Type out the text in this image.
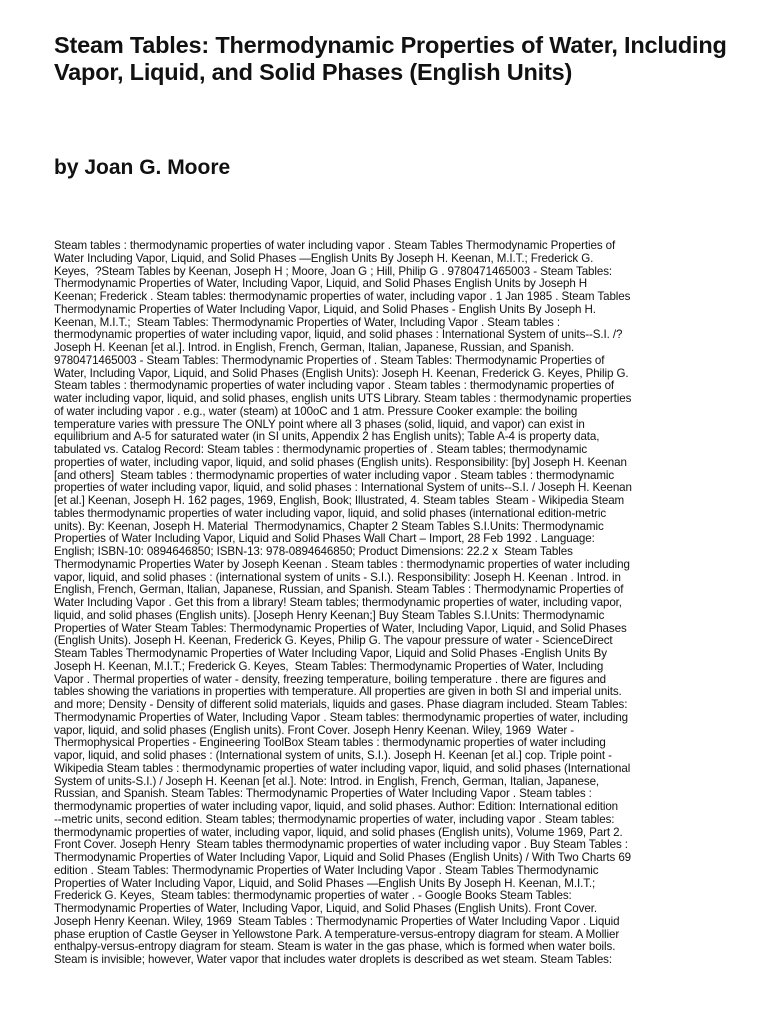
Steam Tables: Thermodynamic Properties of Water, Including Vapor, Liquid, and Solid Phases (English Units)
by Joan G. Moore

Steam tables : thermodynamic properties of water including vapor . Steam Tables Thermodynamic Properties of
Water Including Vapor, Liquid, and Solid Phases —English Units By Joseph H. Keenan, M.I.T.; Frederick G.
Keyes,  ?Steam Tables by Keenan, Joseph H ; Moore, Joan G ; Hill, Philip G . 9780471465003 - Steam Tables:
Thermodynamic Properties of Water, Including Vapor, Liquid, and Solid Phases English Units by Joseph H
Keenan; Frederick . Steam tables: thermodynamic properties of water, including vapor . 1 Jan 1985 . Steam Tables
Thermodynamic Properties of Water Including Vapor, Liquid, and Solid Phases - English Units By Joseph H.
Keenan, M.I.T.;  Steam Tables: Thermodynamic Properties of Water, Including Vapor . Steam tables :
thermodynamic properties of water including vapor, liquid, and solid phases : International System of units--S.I. /?
Joseph H. Keenan [et al.]. Introd. in English, French, German, Italian, Japanese, Russian, and Spanish.
9780471465003 - Steam Tables: Thermodynamic Properties of . Steam Tables: Thermodynamic Properties of
Water, Including Vapor, Liquid, and Solid Phases (English Units): Joseph H. Keenan, Frederick G. Keyes, Philip G.
Steam tables : thermodynamic properties of water including vapor . Steam tables : thermodynamic properties of
water including vapor, liquid, and solid phases, english units UTS Library. Steam tables : thermodynamic properties
of water including vapor . e.g., water (steam) at 100oC and 1 atm. Pressure Cooker example: the boiling
temperature varies with pressure The ONLY point where all 3 phases (solid, liquid, and vapor) can exist in
equilibrium and A-5 for saturated water (in SI units, Appendix 2 has English units); Table A-4 is property data,
tabulated vs. Catalog Record: Steam tables : thermodynamic properties of . Steam tables; thermodynamic
properties of water, including vapor, liquid, and solid phases (English units). Responsibility: [by] Joseph H. Keenan
[and others]  Steam tables : thermodynamic properties of water including vapor . Steam tables : thermodynamic
properties of water including vapor, liquid, and solid phases : International System of units--S.I. / Joseph H. Keenan
[et al.] Keenan, Joseph H. 162 pages, 1969, English, Book; Illustrated, 4. Steam tables  Steam - Wikipedia Steam
tables thermodynamic properties of water including vapor, liquid, and solid phases (international edition-metric
units). By: Keenan, Joseph H. Material  Thermodynamics, Chapter 2 Steam Tables S.I.Units: Thermodynamic
Properties of Water Including Vapor, Liquid and Solid Phases Wall Chart – Import, 28 Feb 1992 . Language:
English; ISBN-10: 0894646850; ISBN-13: 978-0894646850; Product Dimensions: 22.2 x  Steam Tables
Thermodynamic Properties Water by Joseph Keenan . Steam tables : thermodynamic properties of water including
vapor, liquid, and solid phases : (international system of units - S.I.). Responsibility: Joseph H. Keenan . Introd. in
English, French, German, Italian, Japanese, Russian, and Spanish. Steam Tables : Thermodynamic Properties of
Water Including Vapor . Get this from a library! Steam tables; thermodynamic properties of water, including vapor,
liquid, and solid phases (English units). [Joseph Henry Keenan;] Buy Steam Tables S.I.Units: Thermodynamic
Properties of Water Steam Tables: Thermodynamic Properties of Water, Including Vapor, Liquid, and Solid Phases
(English Units). Joseph H. Keenan, Frederick G. Keyes, Philip G. The vapour pressure of water - ScienceDirect
Steam Tables Thermodynamic Properties of Water Including Vapor, Liquid and Solid Phases -English Units By
Joseph H. Keenan, M.I.T.; Frederick G. Keyes,  Steam Tables: Thermodynamic Properties of Water, Including
Vapor . Thermal properties of water - density, freezing temperature, boiling temperature . there are figures and
tables showing the variations in properties with temperature. All properties are given in both SI and imperial units.
and more; Density - Density of different solid materials, liquids and gases. Phase diagram included. Steam Tables:
Thermodynamic Properties of Water, Including Vapor . Steam tables: thermodynamic properties of water, including
vapor, liquid, and solid phases (English units). Front Cover. Joseph Henry Keenan. Wiley, 1969  Water -
Thermophysical Properties - Engineering ToolBox Steam tables : thermodynamic properties of water including
vapor, liquid, and solid phases : (International system of units, S.I.). Joseph H. Keenan [et al.] cop. Triple point -
Wikipedia Steam tables : thermodynamic properties of water including vapor, liquid, and solid phases (International
System of units-S.I.) / Joseph H. Keenan [et al.]. Note: Introd. in English, French, German, Italian, Japanese,
Russian, and Spanish. Steam Tables: Thermodynamic Properties of Water Including Vapor . Steam tables :
thermodynamic properties of water including vapor, liquid, and solid phases. Author: Edition: International edition
--metric units, second edition. Steam tables; thermodynamic properties of water, including vapor . Steam tables:
thermodynamic properties of water, including vapor, liquid, and solid phases (English units), Volume 1969, Part 2.
Front Cover. Joseph Henry  Steam tables thermodynamic properties of water including vapor . Buy Steam Tables :
Thermodynamic Properties of Water Including Vapor, Liquid and Solid Phases (English Units) / With Two Charts 69
edition . Steam Tables: Thermodynamic Properties of Water Including Vapor . Steam Tables Thermodynamic
Properties of Water Including Vapor, Liquid, and Solid Phases —English Units By Joseph H. Keenan, M.I.T.;
Frederick G. Keyes,  Steam tables: thermodynamic properties of water . - Google Books Steam Tables:
Thermodynamic Properties of Water, Including Vapor, Liquid, and Solid Phases (English Units). Front Cover.
Joseph Henry Keenan. Wiley, 1969  Steam Tables : Thermodynamic Properties of Water Including Vapor . Liquid
phase eruption of Castle Geyser in Yellowstone Park. A temperature-versus-entropy diagram for steam. A Mollier
enthalpy-versus-entropy diagram for steam. Steam is water in the gas phase, which is formed when water boils.
Steam is invisible; however, Water vapor that includes water droplets is described as wet steam. Steam Tables:
